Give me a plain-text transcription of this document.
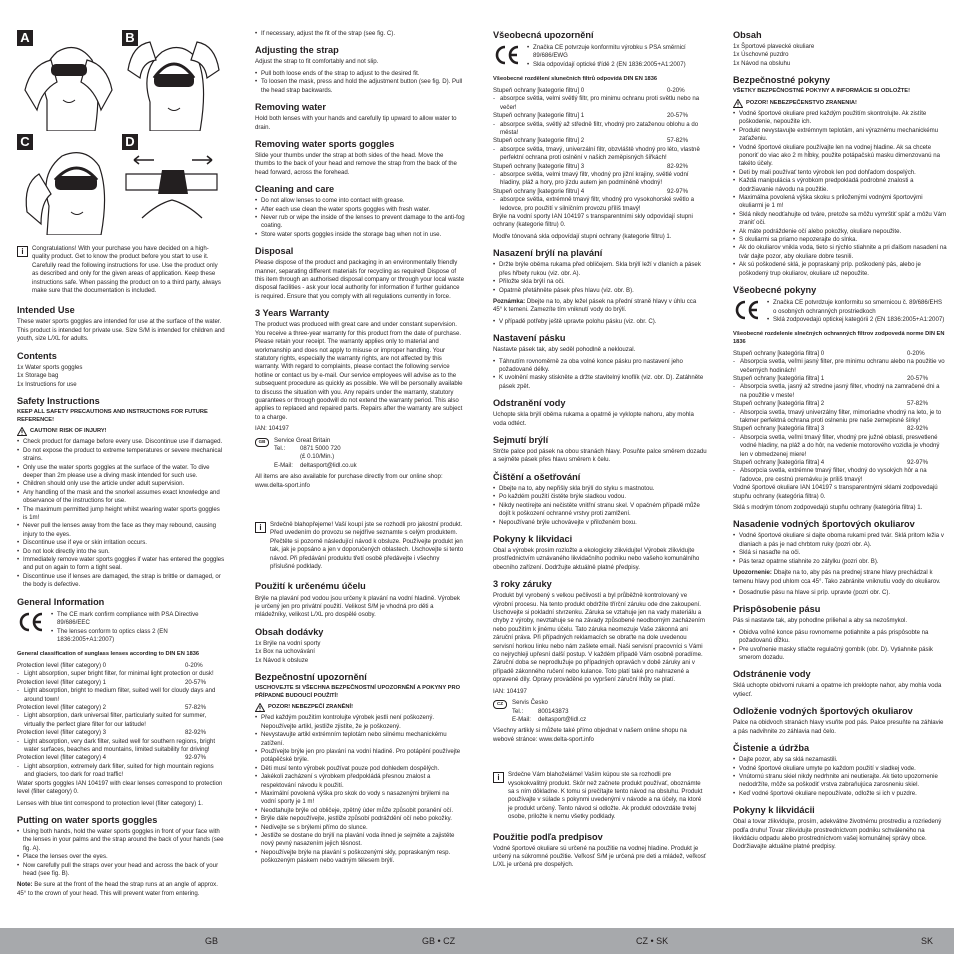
A	B
C	D
i	Congratulations! With your purchase you have decided on a high-quality product. Get to know the product before you start to use it. Carefully read the following instructions for use. Use the product only as described and only for the given areas of application. Keep these instructions safe. When passing the product on to a third party, always make sure that the documentation is included.

Intended Use

These water sports goggles are intended for use at the surface of the water. This product is intended for private use. Size S/M is intended for children and youth, size L/XL for adults.

Contents
1x Water sports goggles
1x Storage bag
1x Instructions for use
Safety Instructions

KEEP ALL SAFETY PRECAUTIONS AND INSTRUCTIONS FOR FUTURE REFERENCE!

CAUTION! RISK OF INJURY!
• Check product for damage before every use. Discontinue use if damaged.
• Do not expose the product to extreme temperatures or severe mechanical strains.
• Only use the water sports goggles at the surface of the water. To dive deeper than 2m please use a diving mask intended for such use.
• Children should only use the article under adult supervision.
• Any handling of the mask and the snorkel assumes exact knowledge and observance of the instructions for use.
• The maximum permitted jump height whilst wearing water sports goggles is 1m!
• Never pull the lenses away from the face as they may rebound, causing injury to the eyes.
• Discontinue use if eye or skin irritation occurs.
• Do not look directly into the sun.
• Immediately remove water sports goggles if water has entered the goggles and put on again to form a tight seal.
• Discontinue use if lenses are damaged, the strap is brittle or damaged, or the body is defective.
General Information
• The CE mark confirm compliance with PSA Directive 89/686/EEC
• The lenses conform to optics class 2 (EN 1836:2005+A1:2007)

General classification of sunglass lenses according to DIN EN 1836

Protection level (filter category) 0	0-20%
- Light absorption, super bright filter, for minimal light protection or dusk!
Protection level (filter category) 1	20-57%
- Light absorption, bright to medium filter, suited well for cloudy days and around town!
Protection level (filter category) 2	57-82%
- Light absorption, dark universal filter, particularly suited for summer, virtually the perfect glare filter for our latitude!
Protection level (filter category) 3	82-92%
- Light absorption, very dark filter, suited well for southern regions, bright water surfaces, beaches and mountains, limited suitability for driving!
Protection level (filter category) 4	92-97%
- Light absorption, extremely dark filter, suited for high mountain regions and glaciers, too dark for road traffic!

Water sports goggles IAN 104197 with clear lenses correspond to protection level (filter category) 0.

Lenses with blue tint correspond to protection level (filter category) 1.

Putting on water sports goggles
• Using both hands, hold the water sports goggles in front of your face with the lenses in your palms and the strap around the back of your hands (see fig. A).
• Place the lenses over the eyes.
• Now carefully pull the straps over your head and across the back of your head (see fig. B).

Note: Be sure at the front of the head the strap runs at an angle of approx. 45° to the crown of your head. This will prevent water from entering.

• If necessary, adjust the fit of the strap (see fig. C).
Adjusting the strap

Adjust the strap to fit comfortably and not slip.

• Pull both loose ends of the strap to adjust to the desired fit.
• To loosen the mask, press and hold the adjustment button (see fig. D). Pull the head strap backwards.
Removing water

Hold both lenses with your hands and carefully tip upward to allow water to drain.

Removing water sports goggles

Slide your thumbs under the strap at both sides of the head. Move the thumbs to the back of your head and remove the strap from the back of the head forward, across the forehead.

Cleaning and care
• Do not allow lenses to come into contact with grease.
• After each use clean the water sports goggles with fresh water.
• Never rub or wipe the inside of the lenses to prevent damage to the anti-fog coating.
• Store water sports goggles inside the storage bag when not in use.
Disposal

Please dispose of the product and packaging in an environmentally friendly manner, separating different materials for recycling as required! Dispose of this item through an authorised disposal company or through your local waste disposal facilities - ask your local authority for information if further guidance is required. Ensure that you comply with all regulations currently in force.

3 Years Warranty

The product was produced with great care and under constant supervision. You receive a three-year warranty for this product from the date of purchase. Please retain your receipt. The warranty applies only to material and workmanship and does not apply to misuse or improper handling. Your statutory rights, especially the warranty rights, are not affected by this warranty. With regard to complaints, please contact the following service hotline or contact us by e-mail. Our service employees will advise as to the subsequent procedure as quickly as possible. We will be personally available to discuss the situation with you. Any repairs under the warranty, statutory guarantees or through goodwill do not extend the warranty period. This also applies to replaced and repaired parts. Repairs after the warranty are subject to a charge.

IAN: 104197

GB	Service Great Britain
Tel.:	0871 5000 720
(£ 0.10/Min.)
E-Mail:	deltasport@lidl.co.uk

All items are also available for purchase directly from our online shop: www.delta-sport.info

i	Srdečně blahopřejeme! Vaší koupí jste se rozhodli pro jakostní produkt. Před uvedením do provozu se nejdříve seznamte s celým produktem. Přečtěte si pozorně následující návod k obsluze. Používejte produkt jen tak, jak je popsáno a jen v doporučených oblastech. Uschovejte si tento návod. Při předávání produktu třetí osobě předávejte i všechny příslušné podklady.

Použití k určenému účelu

Brýle na plavání pod vodou jsou určeny k plavání na vodní hladině. Výrobek je určený jen pro privátní použití. Velikost S/M je vhodná pro děti a mládežníky, velikost L/XL pro dospělé osoby.

Obsah dodávky
1x Brýle na vodní sporty
1x Box na uchovávání
1x Návod k obsluze
Bezpečnostní upozornění

USCHOVEJTE SI VŠECHNA BEZPEČNOSTNÍ UPOZORNĚNÍ A POKYNY PRO PŘÍPADNÉ BUDOUCÍ POUŽITÍ!

POZOR! NEBEZPEČÍ ZRANĚNÍ!
• Před každým použitím kontrolujte výrobek jestli není poškozený. Nepoužívejte artikl, jestliže zjistíte, že je poškozený.
• Nevystavujte artikl extrémním teplotám nebo silnému mechanickému zatížení.
• Používejte brýle jen pro plavání na vodní hladině. Pro potápění používejte potápěčské brýle.
• Děti musí tento výrobek používat pouze pod dohledem dospělých.
• Jakékoli zacházení s výrobkem předpokládá přesnou znalost a respektování návodu k použití.
• Maximální povolená výška pro skok do vody s nasazenými brýlemi na vodní sporty je 1 m!
• Neodtahujte brýle od obličeje, zpětný úder může způsobit poranění očí.
• Brýle dále nepoužívejte, jestliže způsobí podráždění očí nebo pokožky.
• Nedívejte se s brýlemi přímo do slunce.
• Jestliže se dostane do brýlí na plavání voda ihned je sejměte a zajistěte nový pevný nasazením jejich těsnost.
• Nepoužívejte brýle na plavání s poškozenými skly, popraskaným resp. poškozeným páskem nebo vadným tělesem brýlí.
Všeobecná upozornění
• Značka CE potvrzuje konformitu výrobku s PSA směrnicí 89/686/EWG
• Skla odpovídají optické třídě 2 (EN 1836:2005+A1:2007)

Všeobecné rozdělení slunečních filtrů odpovídá DIN EN 1836

Stupeň ochrany [kategorie filtru] 0	0-20%
- absorpce světla, velmi světlý filtr, pro minimu ochranu proti světlu nebo na večer!
Stupeň ochrany [kategorie filtru] 1	20-57%
- absorpce světla, světlý až středně filtr, vhodný pro zataženou oblohu a do města!
Stupeň ochrany [kategorie filtru] 2	57-82%
- absorpce světla, tmavý, univerzální filtr, obzvláště vhodný pro léto, vlastně perfektní ochrana proti oslnění v našich zeměpisných šířkách!
Stupeň ochrany [kategorie filtru] 3	82-92%
- absorpce světla, velmi tmavý filtr, vhodný pro jižní krajiny, světlé vodní hladiny, pláž a hory, pro jízdu autem jen podmíněně vhodný!
Stupeň ochrany [kategorie filtru] 4	92-97%
- absorpce světla, extrémně tmavý filtr, vhodný pro vysokohorské světlo a ledovce, pro použití v silničním provozu příliš tmavý!

Brýle na vodní sporty IAN 104197 s transparentními skly odpovídají stupni ochrany (kategorie filtru) 0.

Modře tónovaná skla odpovídají stupni ochrany (kategorie filtru) 1.

Nasazení brýlí na plavání
• Držte brýle oběma rukama před obličejem. Skla brýlí leží v dlaních a pásek přes hřbety rukou (viz. obr. A).
• Přiložte skla brýlí na oči.
• Opatrně přetáhněte pásek přes hlavu (viz. obr. B).

Poznámka: Dbejte na to, aby ležel pásek na přední straně hlavy v úhlu cca 45° k temeni. Zamezíte tím vniknutí vody do brýlí.

• V případě potřeby ještě upravte polohu pásku (viz. obr. C).
Nastavení pásku

Nastavte pásek tak, aby seděl pohodlně a neklouzal.

• Táhnutím rovnoměrně za oba volné konce pásku pro nastavení jeho požadované délky.
• K uvolnění masky stiskněte a držte stavitelný knoflík (viz. obr. D). Zatáhněte pásek zpět.
Odstranění vody

Uchopte skla brýlí oběma rukama a opatrně je vyklopte nahoru, aby mohla voda odtéct.

Sejmutí brýlí

Strčte palce pod pásek na obou stranách hlavy. Posuňte palce směrem dozadu a sejměte pásek přes hlavu směrem k čelu.

Čištění a ošetřování
• Dbejte na to, aby nepřišly skla brýlí do styku s mastnotou.
• Po každém použití čistěte brýle sladkou vodou.
• Nikdy neotírejte ani nečistěte vnitřní stranu skel. V opačném případě může dojít k poškození ochranné vrstvy proti zamlžení.
• Nepoužívané brýle uchovávejte v přiloženém boxu.
Pokyny k likvidaci

Obal a výrobek prosím rozložte a ekologicky zlikvidujte! Výrobek zlikvidujte prostřednictvím uznávaného likvidačního podniku nebo vašeho komunálního obecního zařízení. Dodržujte aktuálně platné předpisy.

3 roky záruky

Produkt byl vyrobený s velkou pečlivostí a byl průběžně kontrolovaný ve výrobní procesu. Na tento produkt obdržíte třírční záruku ode dne zakoupení. Uschovejte si pokladní stvrzenku. Záruka se vztahuje jen na vady materiálu a chyby z výroby, nevztahuje se na závady způsobené neodborným zacházením nebo použitím k jinému účelu. Tato záruka neomezuje Vaše zákonná ani záruční práva. Při případných reklamacích se obraťte na dole uvedenou servisní horkou linku nebo nám zašlete email. Naši servisní pracovníci s Vámi co nejrychleji upřesní další postup. V každém případě Vám osobně poradíme. Záruční doba se neprodlužuje po případných opravách v době záruky ani v případě zákonného ručení nebo kulance. Toto platí také pro nahrazené a opravené díly. Opravy prováděné po vypršení záruční lhůty se platí.

IAN: 104197

CZ	Servis Česko
Tel.:	800143873
E-Mail:	deltasport@lidl.cz

Všechny artikly si můžete také přímo objednat v našem online shopu na webové stránce: www.delta-sport.info

i	Srdečne Vám blahoželáme! Vaším kúpou ste sa rozhodli pre vysokokvalitný produkt. Skôr než začnete produkt používať, oboznámte sa s ním dôkladne. K tomu si prečítajte tento návod na obsluhu. Produkt používajte v súlade s pokynmi uvedenými v návode a na účely, na ktoré je produkt určený. Tento návod si odložte. Ak produkt odovzdáte tretej osobe, priložte k nemu všetky podklady.

Použitie podľa predpisov

Vodné športové okuliare sú určené na použitie na vodnej hladine. Produkt je určený na súkromné použitie. Veľkosť S/M je určená pre deti a mládež, veľkosť L/XL je určená pre dospelých.

Obsah
1x Športové plavecké okuliare
1x Úschovné puzdro
1x Návod na obsluhu
Bezpečnostné pokyny

VŠETKY BEZPEČNOSTNÉ POKYNY A INFORMÁCIE SI ODLOŽTE!

POZOR! NEBEZPEČENSTVO ZRANENIA!
• Vodné športové okuliare pred každým použitím skontrolujte. Ak zistíte poškodenie, nepoužite ich.
• Produkt nevystavujte extrémnym teplotám, ani výraznému mechanickému zaťaženiu.
• Vodné športové okuliare používajte len na vodnej hladine. Ak sa chcete ponoriť do viac ako 2 m hĺbky, použite potápačskú masku dimenzovanú na takéto účely.
• Deti by mali používať tento výrobok len pod dohľadom dospelých.
• Každá manipulácia s výrobkom predpokladá podrobné znalosti a dodržiavanie návodu na použitie.
• Maximálna povolená výška skoku s priloženými vodnými športovými okuliarmi je 1 m!
• Sklá nikdy neodťahujte od tváre, pretože sa môžu vymrštiť späť a môžu Vám zraniť oči.
• Ak máte podráždenie očí alebo pokožky, okuliare nepoužite.
• S okuliarmi sa priamo nepozerajte do slnka.
• Ak do okuliarov vnikla voda, tieto si rýchlo stiahnite a pri ďalšom nasadení na tvár dajte pozor, aby okuliare dobre tesnili.
• Ak sú poškodené sklá, je popraskaný príp. poškodený pás, alebo je poškodený trup okuliarov, okuliare už nepoužite.
Všeobecné pokyny
• Značka CE potvrdzuje konformitu so smernicou č. 89/686/EHS o osobných ochranných prostriedkoch
• Sklá zodpovedajú optickej kategórii 2 (EN 1836:2005+A1:2007)

Všeobecné rozdelenie slnečných ochranných filtrov zodpovedá norme DIN EN 1836

Stupeň ochrany [kategória filtra] 0	0-20%
- Absorpcia svetla, veľmi jasný filter, pre minimu ochranu alebo na použitie vo večerných hodinách!
Stupeň ochrany [kategória filtra] 1	20-57%
- Absorpcia svetla, jasný až stredne jasný filter, vhodný na zamračené dni a na použitie v meste!
Stupeň ochrany [kategória filtra] 2	57-82%
- Absorpcia svetla, tmavý univerzálny filter, mimoriadne vhodný na leto, je to takmer perfektná ochrana proti oslneniu pre naše zemepisné šírky!
Stupeň ochrany [kategória filtra] 3	82-92%
- Absorpcia svetla, veľmi tmavý filter, vhodný pre južné oblasti, presvetlené vodné hladiny, na pláž a do hôr, na vedenie motorového vozidla je vhodný len v obmedzenej miere!
Stupeň ochrany [kategória filtra] 4	92-97%
- Absorpcia svetla, extrémne tmavý filter, vhodný do vysokých hôr a na ľadovce, pre cestnú premávku je príliš tmavý!

Vodné športové okuliare IAN 104197 s transparentnými sklami zodpovedajú stupňu ochrany (kategória filtra) 0.

Sklá s modrým tónom zodpovedajú stupňu ochrany (kategória filtra) 1.

Nasadenie vodných športových okuliarov
• Vodné športové okuliare si dajte oboma rukami pred tvár. Sklá pritom ležia v dlaniach a pás je nad chrbtom ruky (pozri obr. A).
• Sklá si nasaďte na oči.
• Pás teraz opatrne stiahnite zo zátylku (pozri obr. B).

Upozornenie: Dbajte na to, aby pás na prednej strane hlavy prechádzal k temenu hlavy pod uhlom cca 45°. Tako zabránite vniknutiu vody do okuliarov.

• Dosadnutie pásu na hlave si príp. upravte (pozri obr. C).
Prispôsobenie pásu

Pás si nastavte tak, aby pohodlne priliehal a aby sa nezošmykol.

• Obidva voľné konce pásu rovnomerne potiahnite a pás prispôsobte na požadovanú dĺžku.
• Pre uvoľnenie masky stlačte regulačný gombík (obr. D). Vytiahnite pásik smerom dozadu.
Odstránenie vody

Sklá uchopte obidvomi rukami a opatrne ich preklopte nahor, aby mohla voda vytiecť.

Odloženie vodných športových okuliarov

Palce na obidvoch stranách hlavy vsuňte pod pás. Palce presuňte na záhlavie a pás nadvihnite zo záhlavia nad čelo.

Čistenie a údržba
• Dajte pozor, aby sa sklá nezamastili.
• Vodné športové okuliare umyte po každom použití v sladkej vode.
• Vnútornú stranu skiel nikdy nedrhnite ani neutierajte. Ak tieto upozornenie nedodržíte, môže sa poškodiť vrstva zabraňujúca zarosneniu skiel.
• Keď vodné športové okuliare nepoužívate, odložte si ich v puzdre.
Pokyny k likvidácii

Obal a tovar zlikvidujte, prosím, adekvátne životnému prostrediu a rozriedený podľa druhu! Tovar zlikvidujte prostredníctvom podniku schváleného na likvidáciu odpadu alebo prostredníctvom vašej komunálnej správy obce. Dodržiavajte aktuálne platné predpisy.

GB	GB • CZ	CZ • SK	SK
